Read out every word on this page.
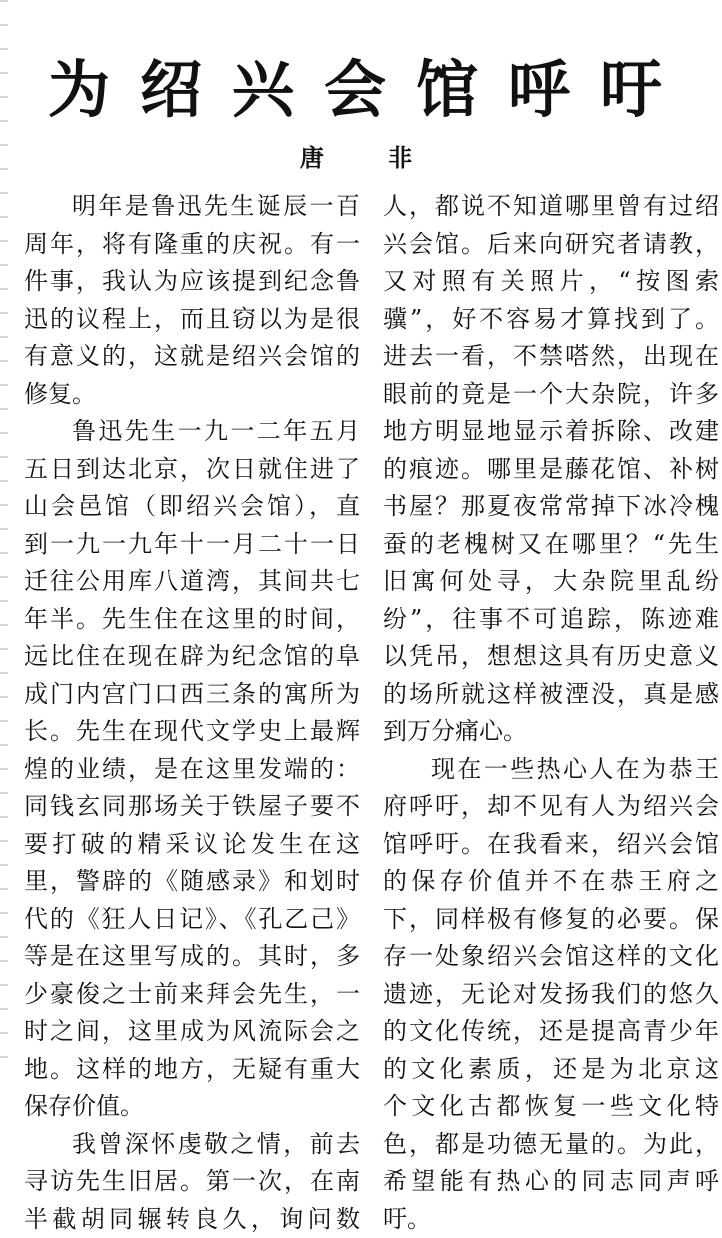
为绍兴会馆呼吁
唐 非
明年是鲁迅先生诞辰一百
周年，将有隆重的庆祝。有一
件事，我认为应该提到纪念鲁
迅的议程上，而且窃以为是很
有意义的，这就是绍兴会馆的
修复。
鲁迅先生一九一二年五月
五日到达北京，次日就住进了
山会邑馆（即绍兴会馆），直
到一九一九年十一月二十一日
迁往公用库八道湾，其间共七
年半。先生住在这里的时间，
远比住在现在辟为纪念馆的阜
成门内宫门口西三条的寓所为
长。先生在现代文学史上最辉
煌的业绩，是在这里发端的：
同钱玄同那场关于铁屋子要不
要打破的精采议论发生在这
里，警辟的《随感录》和划时
代的《狂人日记》、《孔乙己》
等是在这里写成的。其时，多
少豪俊之士前来拜会先生，一
时之间，这里成为风流际会之
地。这样的地方，无疑有重大
保存价值。
我曾深怀虔敬之情，前去
寻访先生旧居。第一次，在南
半截胡同辗转良久，询问数
人，都说不知道哪里曾有过绍
兴会馆。后来向研究者请教，
又对照有关照片，“按图索
骥”，好不容易才算找到了。
进去一看，不禁嗒然，出现在
眼前的竟是一个大杂院，许多
地方明显地显示着拆除、改建
的痕迹。哪里是藤花馆、补树
书屋？那夏夜常常掉下冰冷槐
蚕的老槐树又在哪里？“先生
旧寓何处寻，大杂院里乱纷
纷”，往事不可追踪，陈迹难
以凭吊，想想这具有历史意义
的场所就这样被湮没，真是感
到万分痛心。
现在一些热心人在为恭王
府呼吁，却不见有人为绍兴会
馆呼吁。在我看来，绍兴会馆
的保存价值并不在恭王府之
下，同样极有修复的必要。保
存一处象绍兴会馆这样的文化
遗迹，无论对发扬我们的悠久
的文化传统，还是提高青少年
的文化素质，还是为北京这
个文化古都恢复一些文化特
色，都是功德无量的。为此，
希望能有热心的同志同声呼
吁。
